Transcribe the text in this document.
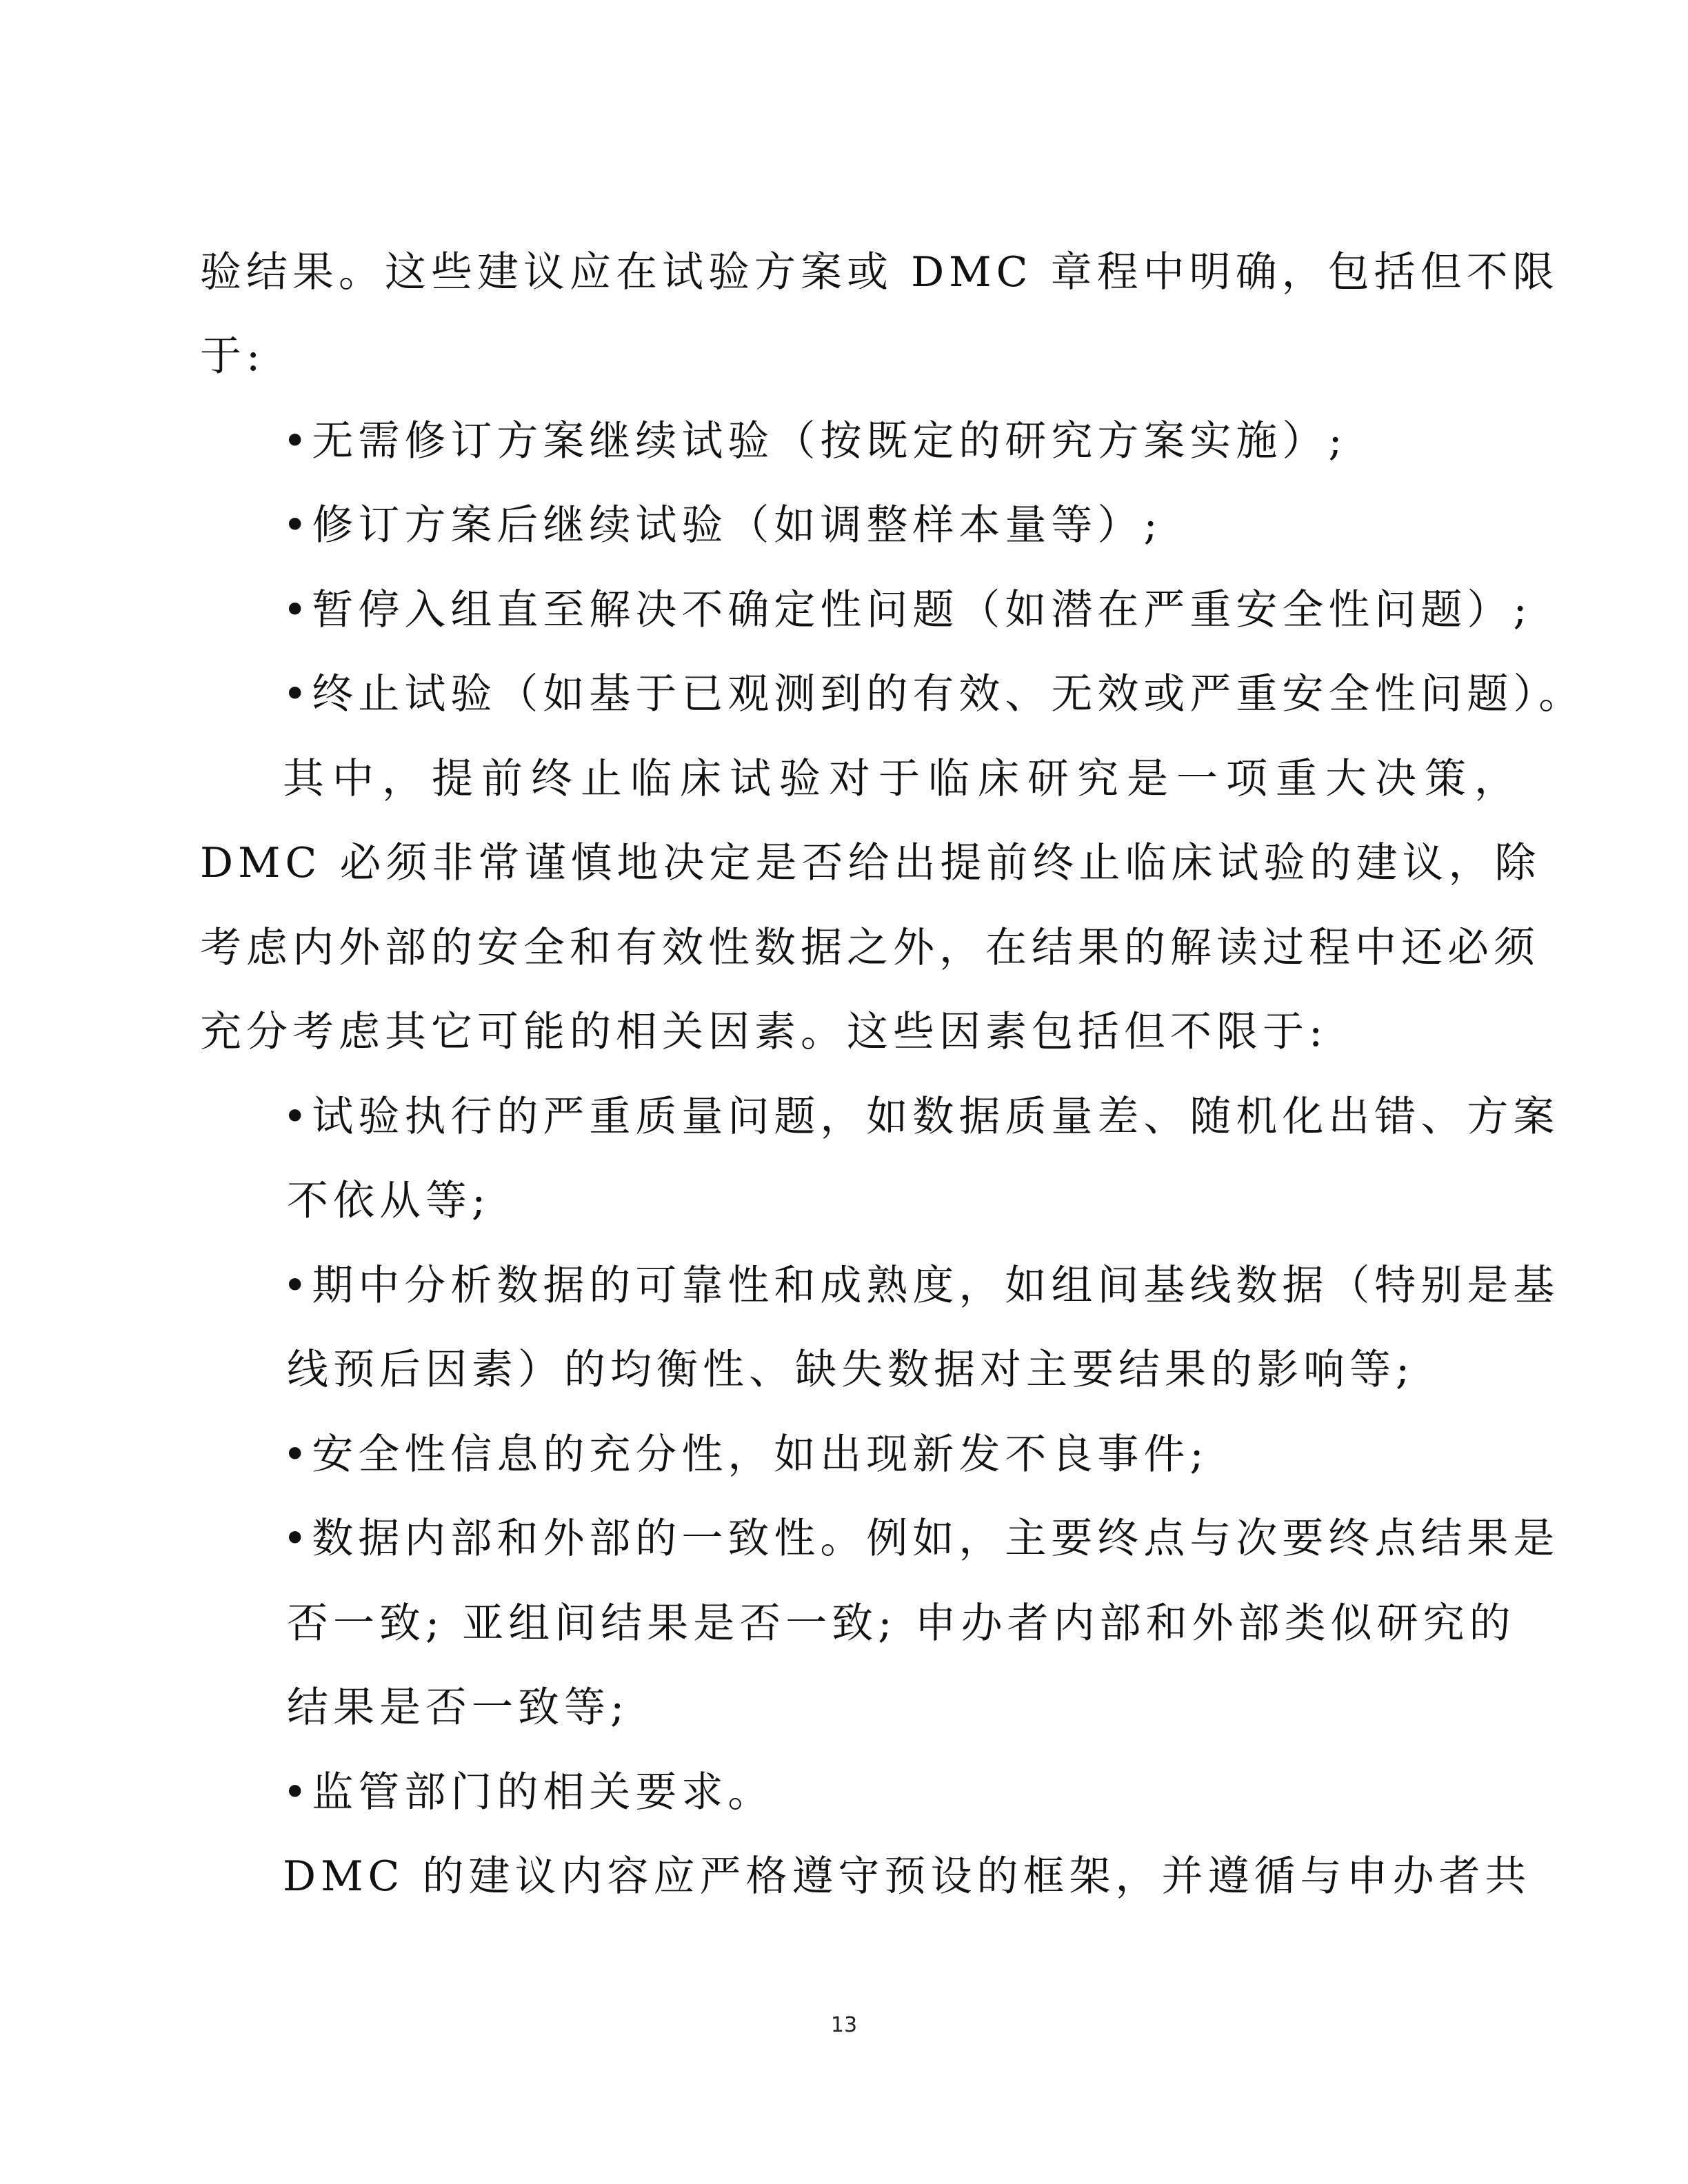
验结果。这些建议应在试验方案或 DMC 章程中明确，包括但不限
于:
•无需修订方案继续试验（按既定的研究方案实施）;
•修订方案后继续试验（如调整样本量等）;
•暂停入组直至解决不确定性问题（如潜在严重安全性问题）;
•终止试验（如基于已观测到的有效、无效或严重安全性问题）。
其中，提前终止临床试验对于临床研究是一项重大决策，
DMC 必须非常谨慎地决定是否给出提前终止临床试验的建议，除
考虑内外部的安全和有效性数据之外，在结果的解读过程中还必须
充分考虑其它可能的相关因素。这些因素包括但不限于:
•试验执行的严重质量问题，如数据质量差、随机化出错、方案
不依从等;
•期中分析数据的可靠性和成熟度，如组间基线数据（特别是基
线预后因素）的均衡性、缺失数据对主要结果的影响等;
•安全性信息的充分性，如出现新发不良事件;
•数据内部和外部的一致性。例如，主要终点与次要终点结果是
否一致; 亚组间结果是否一致; 申办者内部和外部类似研究的
结果是否一致等;
•监管部门的相关要求。
DMC 的建议内容应严格遵守预设的框架，并遵循与申办者共
13
